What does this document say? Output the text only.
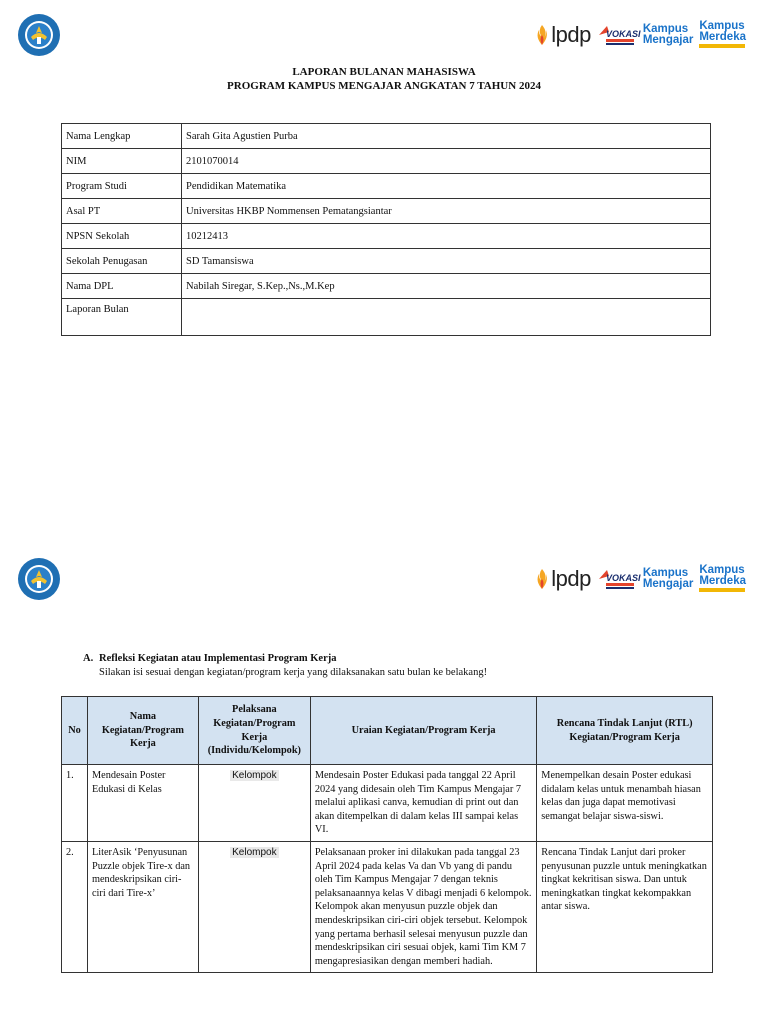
lpdp VOKASI Kampus
Mengajar
Kampus
Merdeka
LAPORAN BULANAN MAHASISWA
PROGRAM KAMPUS MENGAJAR ANGKATAN 7 TAHUN 2024
Nama Lengkap	Sarah Gita Agustien Purba
NIM	2101070014
Program Studi	Pendidikan Matematika
Asal PT	Universitas HKBP Nommensen Pematangsiantar
NPSN Sekolah	10212413
Sekolah Penugasan	SD Tamansiswa
Nama DPL	Nabilah Siregar, S.Kep.,Ns.,M.Kep
Laporan Bulan	
lpdp VOKASI Kampus
Mengajar
Kampus
Merdeka
A. Refleksi Kegiatan atau Implementasi Program Kerja
Silakan isi sesuai dengan kegiatan/program kerja yang dilaksanakan satu bulan ke belakang!
No	Nama Kegiatan/Program Kerja	Pelaksana Kegiatan/Program Kerja (Individu/Kelompok)	Uraian Kegiatan/Program Kerja	Rencana Tindak Lanjut (RTL) Kegiatan/Program Kerja
1.	Mendesain Poster Edukasi di Kelas	Kelompok	Mendesain Poster Edukasi pada tanggal 22 April 2024 yang didesain oleh Tim Kampus Mengajar 7 melalui aplikasi canva, kemudian di print out dan akan ditempelkan di dalam kelas III sampai kelas VI.	Menempelkan desain Poster edukasi didalam kelas untuk menambah hiasan kelas dan juga dapat memotivasi semangat belajar siswa-siswi.
2.	LiterAsik ‘Penyusunan Puzzle objek Tire-x dan mendeskripsikan ciri-ciri dari Tire-x’	Kelompok	Pelaksanaan proker ini dilakukan pada tanggal 23 April 2024 pada kelas Va dan Vb yang di pandu oleh Tim Kampus Mengajar 7 dengan teknis pelaksanaannya kelas V dibagi menjadi 6 kelompok. Kelompok akan menyusun puzzle objek dan mendeskripsikan ciri-ciri objek tersebut. Kelompok yang pertama berhasil selesai menyusun puzzle dan mendeskripsikan ciri sesuai objek, kami Tim KM 7 mengapresiasikan dengan memberi hadiah.	Rencana Tindak Lanjut dari proker penyusunan puzzle untuk meningkatkan tingkat kekritisan siswa. Dan untuk meningkatkan tingkat kekompakkan antar siswa.
